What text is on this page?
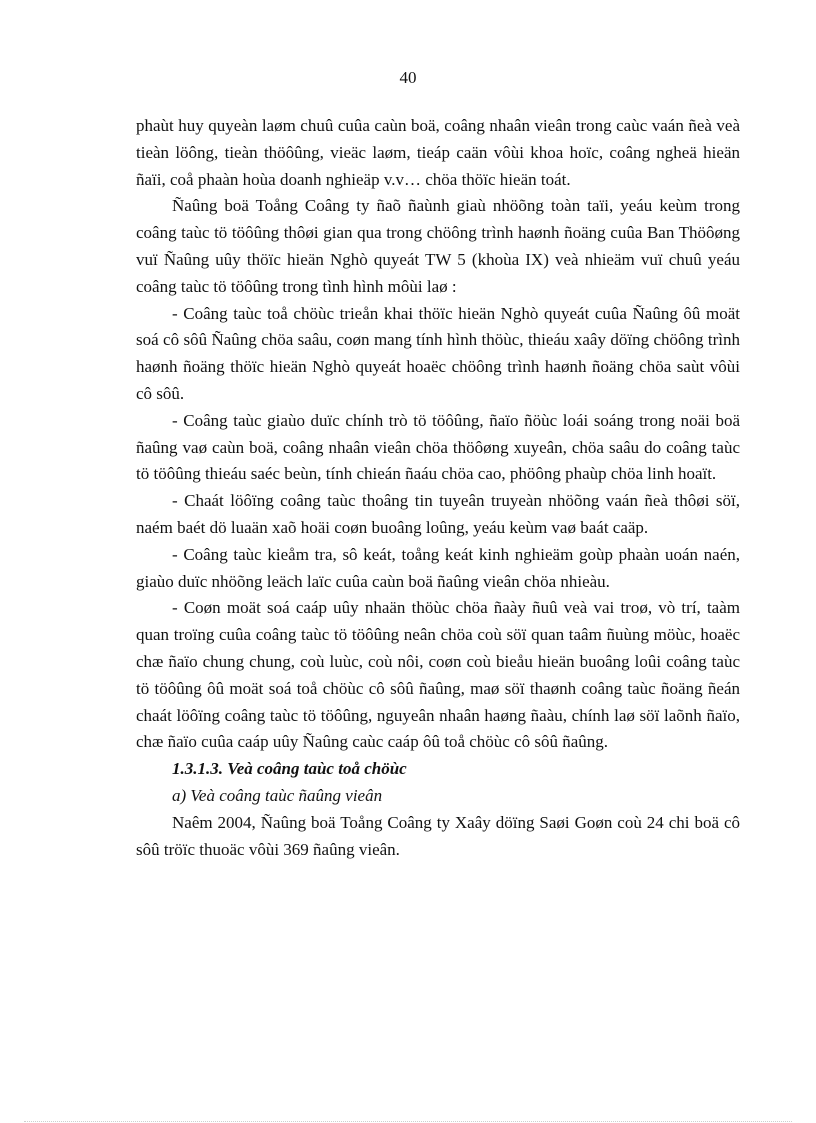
40

phaùt huy quyeàn laøm chuû cuûa caùn boä, coâng nhaân vieân trong caùc vaán ñeà veà tieàn löông, tieàn thöôûng, vieäc laøm, tieáp caän vôùi khoa hoïc, coâng ngheä hieän ñaïi, coå phaàn hoùa doanh nghieäp v.v… chöa thöïc hieän toát.

Ñaûng boä Toång Coâng ty ñaõ ñaùnh giaù nhöõng toàn taïi, yeáu keùm trong coâng taùc tö töôûng thôøi gian qua trong chöông trình haønh ñoäng cuûa Ban Thöôøng vuï Ñaûng uûy thöïc hieän Nghò quyeát TW 5 (khoùa IX) veà nhieäm vuï chuû yeáu coâng taùc tö töôûng trong tình hình môùi laø :

- Coâng taùc toå chöùc trieån khai thöïc hieän Nghò quyeát cuûa Ñaûng ôû moät soá cô sôû Ñaûng chöa saâu, coøn mang tính hình thöùc, thieáu xaây döïng chöông trình haønh ñoäng thöïc hieän Nghò quyeát hoaëc chöông trình haønh ñoäng chöa saùt vôùi cô sôû.

- Coâng taùc giaùo duïc chính trò tö töôûng, ñaïo ñöùc loái soáng trong noäi boä ñaûng vaø caùn boä, coâng nhaân vieân chöa thöôøng xuyeân, chöa saâu do coâng taùc tö töôûng thieáu saéc beùn, tính chieán ñaáu chöa cao, phöông phaùp chöa linh hoaït.

- Chaát löôïng coâng taùc thoâng tin tuyeân truyeàn nhöõng vaán ñeà thôøi söï, naém baét dö luaän xaõ hoäi coøn buoâng loûng, yeáu keùm vaø baát caäp.

- Coâng taùc kieåm tra, sô keát, toång keát kinh nghieäm goùp phaàn uoán naén, giaùo duïc nhöõng leäch laïc cuûa caùn boä ñaûng vieân chöa nhieàu.

- Coøn moät soá caáp uûy nhaän thöùc chöa ñaày ñuû veà vai troø, vò trí, taàm quan troïng cuûa coâng taùc tö töôûng neân chöa coù söï quan taâm ñuùng möùc, hoaëc chæ ñaïo chung chung, coù luùc, coù nôi, coøn coù bieåu hieän buoâng loûi coâng taùc tö töôûng ôû moät soá toå chöùc cô sôû ñaûng, maø söï thaønh coâng taùc ñoäng ñeán chaát löôïng coâng taùc tö töôûng, nguyeân nhaân haøng ñaàu, chính laø söï laõnh ñaïo, chæ ñaïo cuûa caáp uûy Ñaûng caùc caáp ôû toå chöùc cô sôû ñaûng.

1.3.1.3. Veà coâng taùc toå chöùc

a) Veà coâng taùc ñaûng vieân

Naêm 2004, Ñaûng boä Toång Coâng ty Xaây döïng Saøi Goøn coù 24 chi boä cô sôû tröïc thuoäc vôùi 369 ñaûng vieân.
